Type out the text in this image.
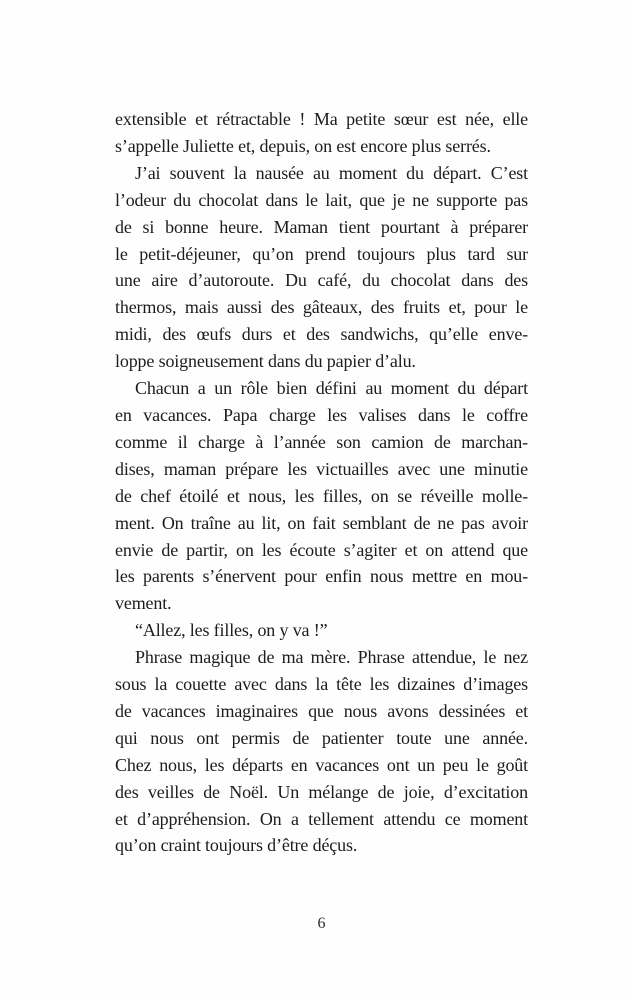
extensible et rétractable ! Ma petite sœur est née, elle
s’appelle Juliette et, depuis, on est encore plus serrés.
J’ai souvent la nausée au moment du départ. C’est
l’odeur du chocolat dans le lait, que je ne supporte pas
de si bonne heure. Maman tient pourtant à préparer
le petit-déjeuner, qu’on prend toujours plus tard sur
une aire d’autoroute. Du café, du chocolat dans des
thermos, mais aussi des gâteaux, des fruits et, pour le
midi, des œufs durs et des sandwichs, qu’elle enve-
loppe soigneusement dans du papier d’alu.
Chacun a un rôle bien défini au moment du départ
en vacances. Papa charge les valises dans le coffre
comme il charge à l’année son camion de marchan-
dises, maman prépare les victuailles avec une minutie
de chef étoilé et nous, les filles, on se réveille molle-
ment. On traîne au lit, on fait semblant de ne pas avoir
envie de partir, on les écoute s’agiter et on attend que
les parents s’énervent pour enfin nous mettre en mou-
vement.
“Allez, les filles, on y va !”
Phrase magique de ma mère. Phrase attendue, le nez
sous la couette avec dans la tête les dizaines d’images
de vacances imaginaires que nous avons dessinées et
qui nous ont permis de patienter toute une année.
Chez nous, les départs en vacances ont un peu le goût
des veilles de Noël. Un mélange de joie, d’excitation
et d’appréhension. On a tellement attendu ce moment
qu’on craint toujours d’être déçus.
6
